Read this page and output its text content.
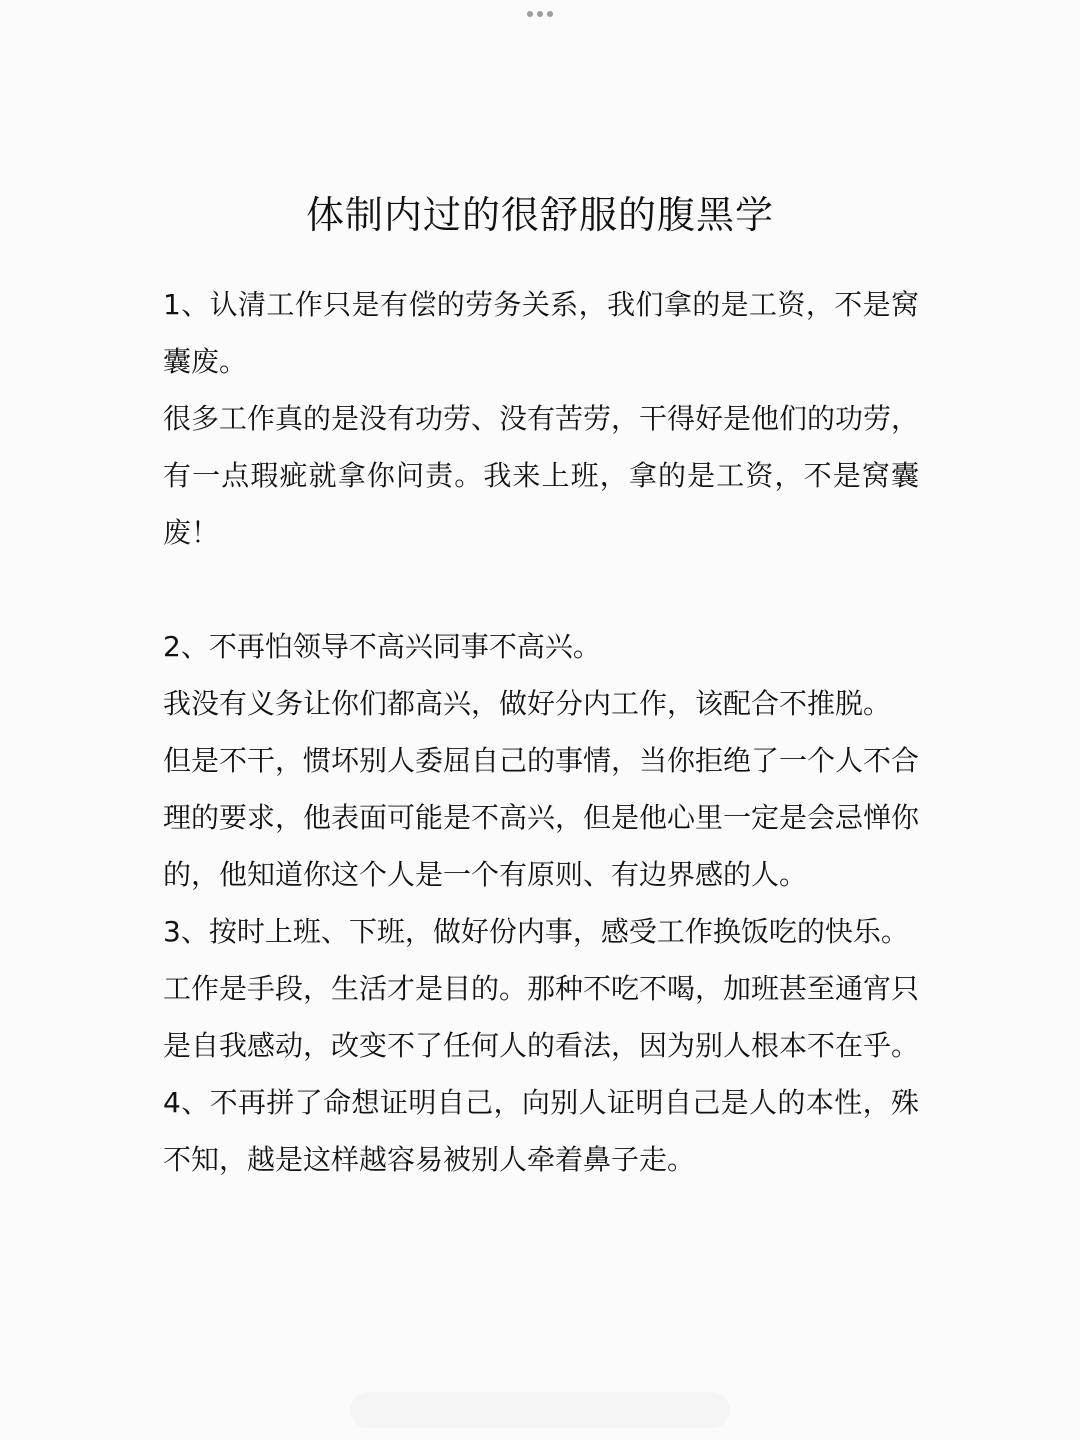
体制内过的很舒服的腹黑学

1、认清工作只是有偿的劳务关系，我们拿的是工资，不是窝囊废。

很多工作真的是没有功劳、没有苦劳，干得好是他们的功劳，有一点瑕疵就拿你问责。我来上班，拿的是工资，不是窝囊废！

2、不再怕领导不高兴同事不高兴。

我没有义务让你们都高兴，做好分内工作，该配合不推脱。

但是不干，惯坏别人委屈自己的事情，当你拒绝了一个人不合理的要求，他表面可能是不高兴，但是他心里一定是会忌惮你的，他知道你这个人是一个有原则、有边界感的人。

3、按时上班、下班，做好份内事，感受工作换饭吃的快乐。

工作是手段，生活才是目的。那种不吃不喝，加班甚至通宵只是自我感动，改变不了任何人的看法，因为别人根本不在乎。

4、不再拼了命想证明自己，向别人证明自己是人的本性，殊不知，越是这样越容易被别人牵着鼻子走。
